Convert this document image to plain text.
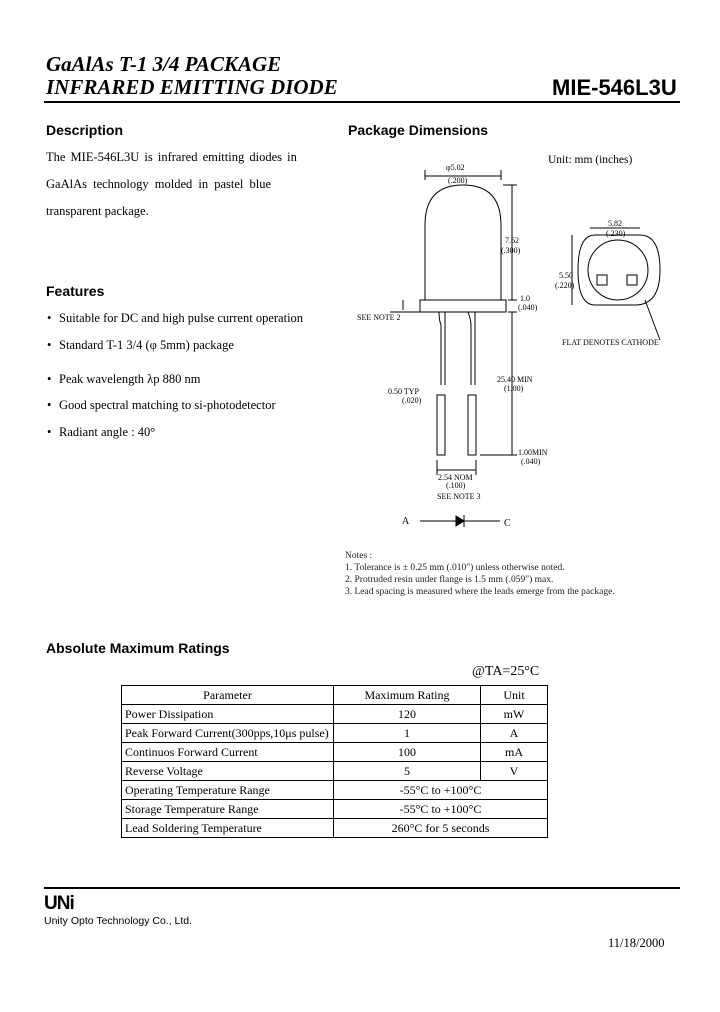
GaAlAs T-1 3/4 PACKAGE
INFRARED EMITTING DIODE	MIE-546L3U
Description
The MIE-546L3U is infrared emitting diodes in
GaAlAs technology molded in pastel blue
transparent package.
Features
• Suitable for DC and high pulse current operation
• Standard T-1 3/4 (φ 5mm) package
• Peak wavelength λp 880 nm
• Good spectral matching to si-photodetector
• Radiant angle : 40°
Package Dimensions
Unit: mm (inches)
φ5.02
(.200)
7.62
(.300)
1.0
(.040)
25.40 MIN
(1.00)
1.00MIN
(.040)
0.50 TYP
(.020)
2.54 NOM
(.100)
SEE NOTE 3
SEE NOTE 2
5.82
(.230)
5.50
(.220)
FLAT DENOTES CATHODE
A	C
Notes :
1. Tolerance is ± 0.25 mm (.010") unless otherwise noted.
2. Protruded resin under flange is 1.5 mm (.059") max.
3. Lead spacing is measured where the leads emerge from the package.
Absolute Maximum Ratings
@TA=25°C
Parameter	Maximum Rating	Unit
Power Dissipation	120	mW
Peak Forward Current(300pps,10μs pulse)	1	A
Continuos Forward Current	100	mA
Reverse Voltage	5	V
Operating Temperature Range	-55°C to +100°C	
Storage Temperature Range	-55°C to +100°C	
Lead Soldering Temperature	260°C for 5 seconds	
UNi
Unity Opto Technology Co., Ltd.
11/18/2000
